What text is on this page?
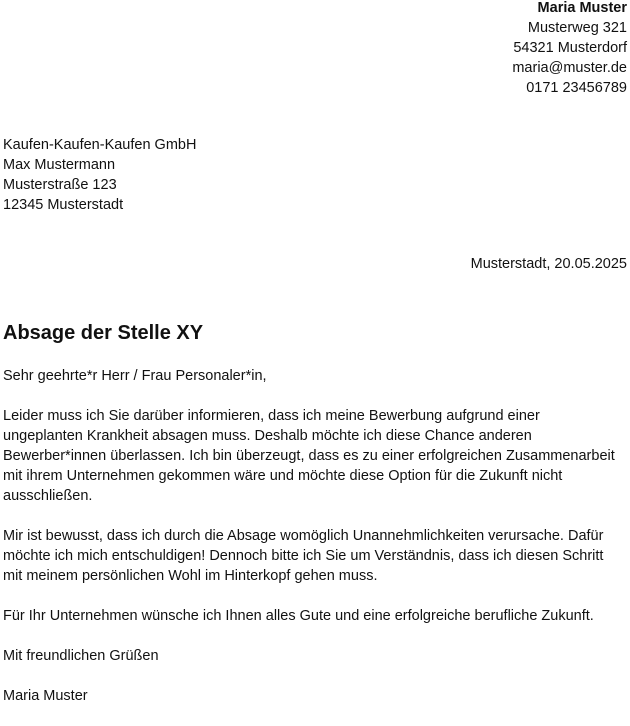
Maria Muster
Musterweg 321
54321 Musterdorf
maria@muster.de
0171 23456789
Kaufen-Kaufen-Kaufen GmbH
Max Mustermann
Musterstraße 123
12345 Musterstadt
Musterstadt, 20.05.2025
Absage der Stelle XY

Sehr geehrte*r Herr / Frau Personaler*in,

Leider muss ich Sie darüber informieren, dass ich meine Bewerbung aufgrund einer
ungeplanten Krankheit absagen muss. Deshalb möchte ich diese Chance anderen
Bewerber*innen überlassen. Ich bin überzeugt, dass es zu einer erfolgreichen Zusammenarbeit
mit ihrem Unternehmen gekommen wäre und möchte diese Option für die Zukunft nicht
ausschließen.

Mir ist bewusst, dass ich durch die Absage womöglich Unannehmlichkeiten verursache. Dafür
möchte ich mich entschuldigen! Dennoch bitte ich Sie um Verständnis, dass ich diesen Schritt
mit meinem persönlichen Wohl im Hinterkopf gehen muss.

Für Ihr Unternehmen wünsche ich Ihnen alles Gute und eine erfolgreiche berufliche Zukunft.

Mit freundlichen Grüßen

Maria Muster
